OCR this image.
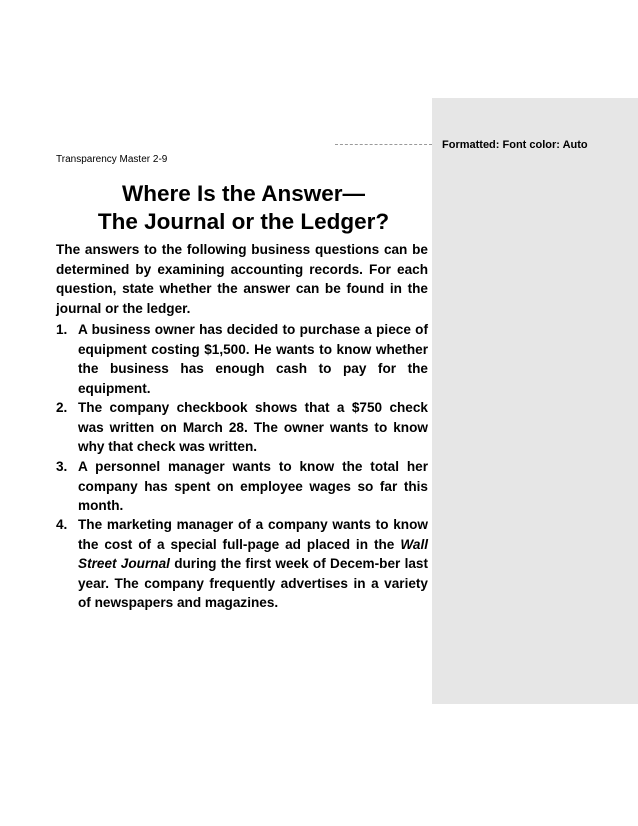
Formatted: Font color: Auto
Transparency Master 2-9
Where Is the Answer—
The Journal or the Ledger?
The answers to the following business questions can be determined by examining accounting records. For each question, state whether the answer can be found in the journal or the ledger.
1. A business owner has decided to purchase a piece of equipment costing $1,500. He wants to know whether the business has enough cash to pay for the equipment.
2. The company checkbook shows that a $750 check was written on March 28. The owner wants to know why that check was written.
3. A personnel manager wants to know the total her company has spent on employee wages so far this month.
4. The marketing manager of a company wants to know the cost of a special full-page ad placed in the Wall Street Journal during the first week of Decem-ber last year. The company frequently advertises in a variety of newspapers and magazines.
